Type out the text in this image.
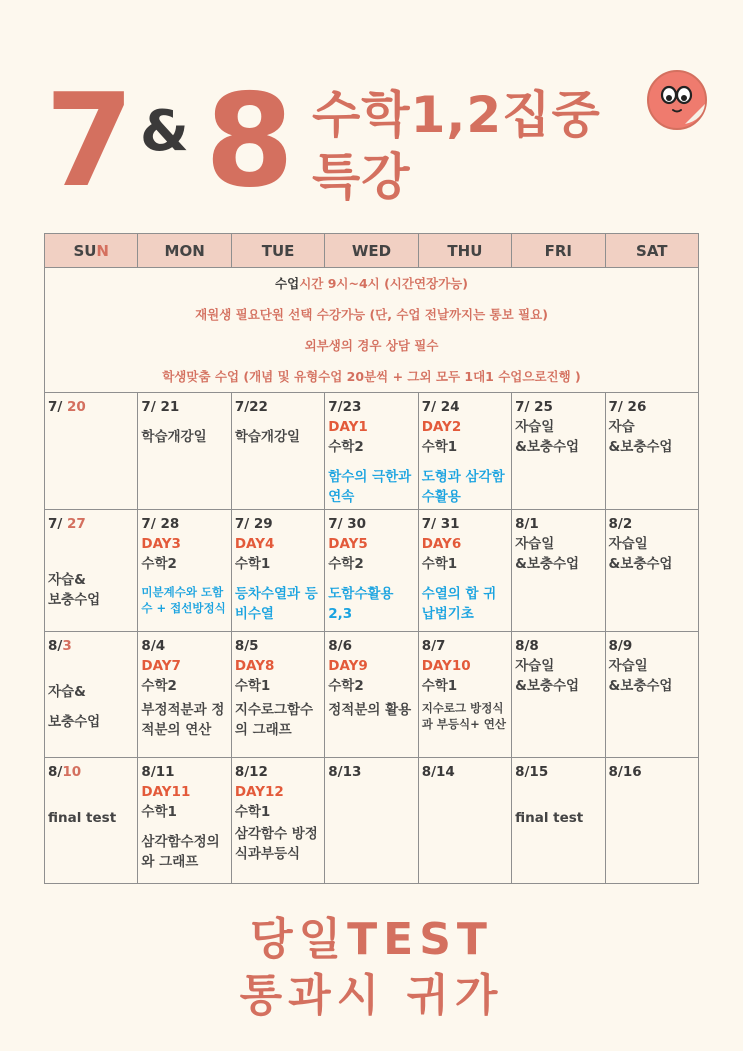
7 & 8 수학1,2집중
특강
SUN	MON	TUE	WED	THU	FRI	SAT

수업시간 9시~4시 (시간연장가능)
재원생 필요단원 선택 수강가능 (단, 수업 전날까지는 통보 필요)
외부생의 경우 상담 필수
학생맞춤 수업 (개념 및 유형수업 20분씩 + 그외 모두 1대1 수업으로진행 )						

7/ 20	7/ 21
학습개강일	7/22
학습개강일	7/23
DAY1
수학2
함수의 극한과 연속	7/ 24
DAY2
수학1
도형과 삼각함수활용	7/ 25
자습일
&보충수업	7/ 26
자습
&보충수업

7/ 27
자습&
보충수업	7/ 28
DAY3
수학2
미분계수와 도함수 + 접선방정식	7/ 29
DAY4
수학1
등차수열과 등비수열	7/ 30
DAY5
수학2
도함수활용 2,3	7/ 31
DAY6
수학1
수열의 합 귀납법기초	8/1
자습일
&보충수업	8/2
자습일
&보충수업

8/3
자습&
보충수업	8/4
DAY7
수학2
부정적분과 정적분의 연산	8/5
DAY8
수학1
지수로그함수의 그래프	8/6
DAY9
수학2
정적분의 활용	8/7
DAY10
수학1
지수로그 방정식과 부등식+ 연산	8/8
자습일
&보충수업	8/9
자습일
&보충수업

8/10
final test	8/11
DAY11
수학1
삼각함수정의와 그래프	8/12
DAY12
수학1
삼각함수 방정식과부등식	8/13	8/14	8/15
final test	8/16
당일TEST
통과시 귀가
